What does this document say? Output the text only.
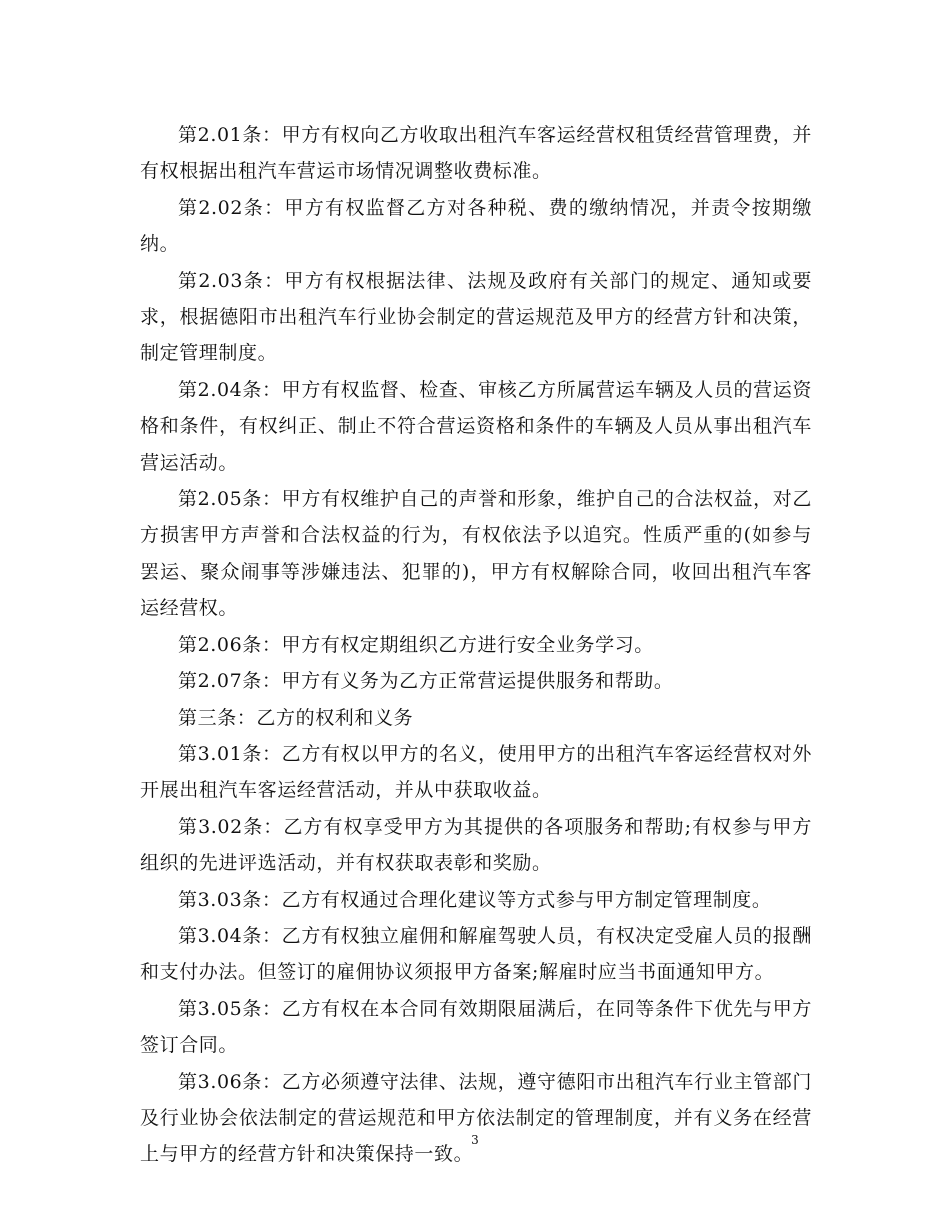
第2.01条：甲方有权向乙方收取出租汽车客运经营权租赁经营管理费，并有权根据出租汽车营运市场情况调整收费标准。

第2.02条：甲方有权监督乙方对各种税、费的缴纳情况，并责令按期缴纳。

第2.03条：甲方有权根据法律、法规及政府有关部门的规定、通知或要求，根据德阳市出租汽车行业协会制定的营运规范及甲方的经营方针和决策，制定管理制度。

第2.04条：甲方有权监督、检查、审核乙方所属营运车辆及人员的营运资格和条件，有权纠正、制止不符合营运资格和条件的车辆及人员从事出租汽车营运活动。

第2.05条：甲方有权维护自己的声誉和形象，维护自己的合法权益，对乙方损害甲方声誉和合法权益的行为，有权依法予以追究。性质严重的(如参与罢运、聚众闹事等涉嫌违法、犯罪的)，甲方有权解除合同，收回出租汽车客运经营权。

第2.06条：甲方有权定期组织乙方进行安全业务学习。

第2.07条：甲方有义务为乙方正常营运提供服务和帮助。

第三条：乙方的权利和义务

第3.01条：乙方有权以甲方的名义，使用甲方的出租汽车客运经营权对外开展出租汽车客运经营活动，并从中获取收益。

第3.02条：乙方有权享受甲方为其提供的各项服务和帮助;有权参与甲方组织的先进评选活动，并有权获取表彰和奖励。

第3.03条：乙方有权通过合理化建议等方式参与甲方制定管理制度。

第3.04条：乙方有权独立雇佣和解雇驾驶人员，有权决定受雇人员的报酬和支付办法。但签订的雇佣协议须报甲方备案;解雇时应当书面通知甲方。

第3.05条：乙方有权在本合同有效期限届满后，在同等条件下优先与甲方签订合同。

第3.06条：乙方必须遵守法律、法规，遵守德阳市出租汽车行业主管部门及行业协会依法制定的营运规范和甲方依法制定的管理制度，并有义务在经营上与甲方的经营方针和决策保持一致。

3
